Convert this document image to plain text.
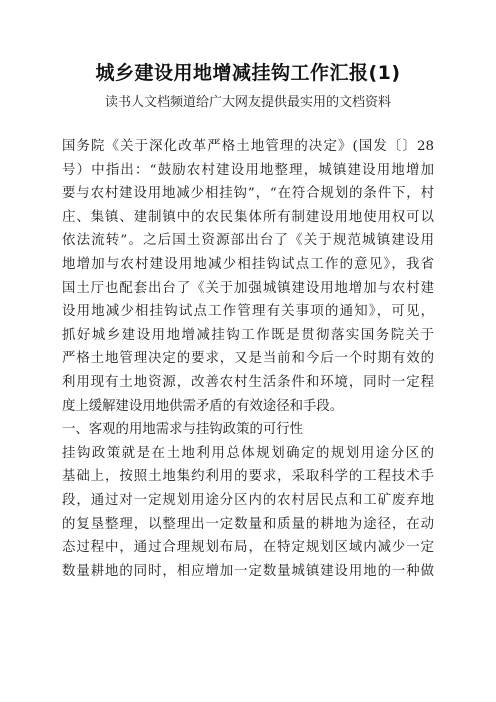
城乡建设用地增减挂钩工作汇报(1)
读书人文档频道给广大网友提供最实用的文档资料
国务院《关于深化改革严格土地管理的决定》(国发〔〕28
号）中指出：“鼓励农村建设用地整理，城镇建设用地增加
要与农村建设用地减少相挂钩”，“在符合规划的条件下，村
庄、集镇、建制镇中的农民集体所有制建设用地使用权可以
依法流转”。之后国土资源部出台了《关于规范城镇建设用
地增加与农村建设用地减少相挂钩试点工作的意见》，我省
国土厅也配套出台了《关于加强城镇建设用地增加与农村建
设用地减少相挂钩试点工作管理有关事项的通知》，可见，
抓好城乡建设用地增减挂钩工作既是贯彻落实国务院关于
严格土地管理决定的要求，又是当前和今后一个时期有效的
利用现有土地资源，改善农村生活条件和环境，同时一定程
度上缓解建设用地供需矛盾的有效途径和手段。
一、客观的用地需求与挂钩政策的可行性
挂钩政策就是在土地利用总体规划确定的规划用途分区的
基础上，按照土地集约利用的要求，采取科学的工程技术手
段，通过对一定规划用途分区内的农村居民点和工矿废弃地
的复垦整理，以整理出一定数量和质量的耕地为途径，在动
态过程中，通过合理规划布局，在特定规划区域内减少一定
数量耕地的同时，相应增加一定数量城镇建设用地的一种做
